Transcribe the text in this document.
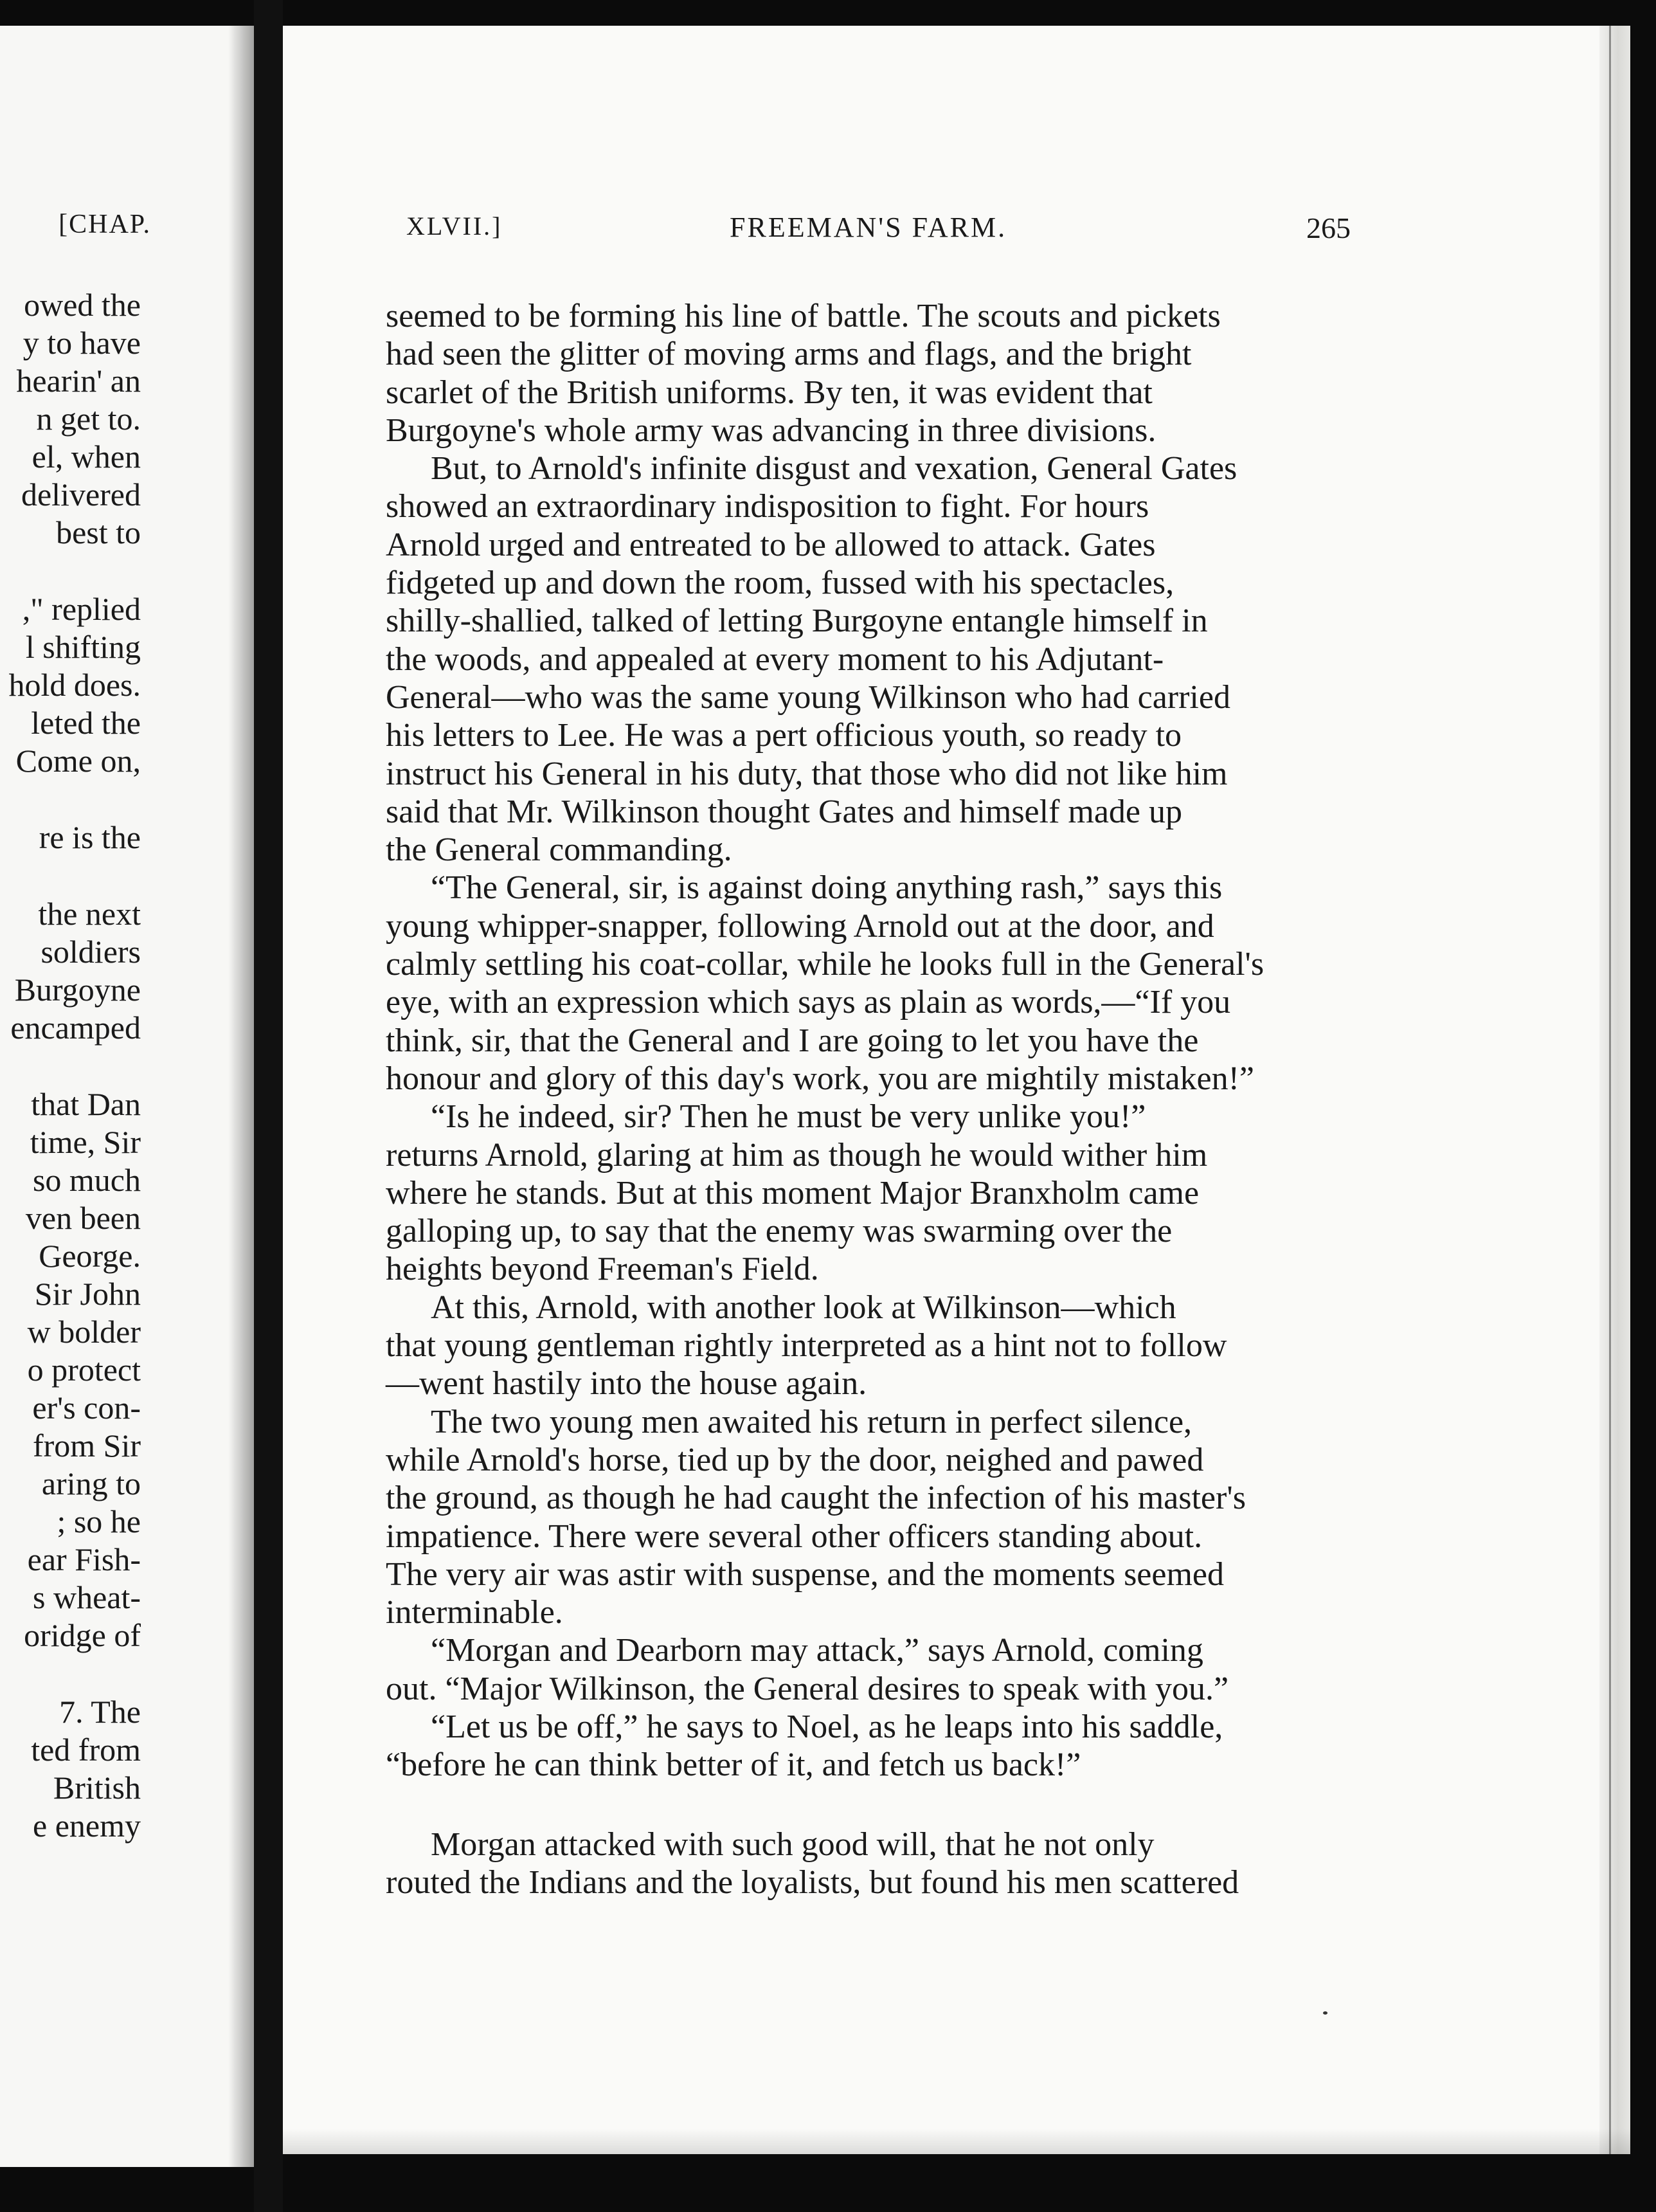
[CHAP.
owed the
y to have
hearin' an
n get to.
el, when
delivered
best to
," replied
l shifting
hold does.
leted the
Come on,
re is the
the next
soldiers
Burgoyne
encamped
that Dan
time, Sir
so much
ven been
George.
Sir John
w bolder
o protect
er's con-
from Sir
aring to
; so he
ear Fish-
s wheat-
oridge of
7. The
ted from
British
e enemy
XLVII.]	FREEMAN'S FARM.	265
seemed to be forming his line of battle. The scouts and pickets
had seen the glitter of moving arms and flags, and the bright
scarlet of the British uniforms. By ten, it was evident that
Burgoyne's whole army was advancing in three divisions.
But, to Arnold's infinite disgust and vexation, General Gates
showed an extraordinary indisposition to fight. For hours
Arnold urged and entreated to be allowed to attack. Gates
fidgeted up and down the room, fussed with his spectacles,
shilly-shallied, talked of letting Burgoyne entangle himself in
the woods, and appealed at every moment to his Adjutant-
General—who was the same young Wilkinson who had carried
his letters to Lee. He was a pert officious youth, so ready to
instruct his General in his duty, that those who did not like him
said that Mr. Wilkinson thought Gates and himself made up
the General commanding.
“The General, sir, is against doing anything rash,” says this
young whipper-snapper, following Arnold out at the door, and
calmly settling his coat-collar, while he looks full in the General's
eye, with an expression which says as plain as words,—“If you
think, sir, that the General and I are going to let you have the
honour and glory of this day's work, you are mightily mistaken!”
“Is he indeed, sir? Then he must be very unlike you!”
returns Arnold, glaring at him as though he would wither him
where he stands. But at this moment Major Branxholm came
galloping up, to say that the enemy was swarming over the
heights beyond Freeman's Field.
At this, Arnold, with another look at Wilkinson—which
that young gentleman rightly interpreted as a hint not to follow
—went hastily into the house again.
The two young men awaited his return in perfect silence,
while Arnold's horse, tied up by the door, neighed and pawed
the ground, as though he had caught the infection of his master's
impatience. There were several other officers standing about.
The very air was astir with suspense, and the moments seemed
interminable.
“Morgan and Dearborn may attack,” says Arnold, coming
out. “Major Wilkinson, the General desires to speak with you.”
“Let us be off,” he says to Noel, as he leaps into his saddle,
“before he can think better of it, and fetch us back!”
Morgan attacked with such good will, that he not only
routed the Indians and the loyalists, but found his men scattered
